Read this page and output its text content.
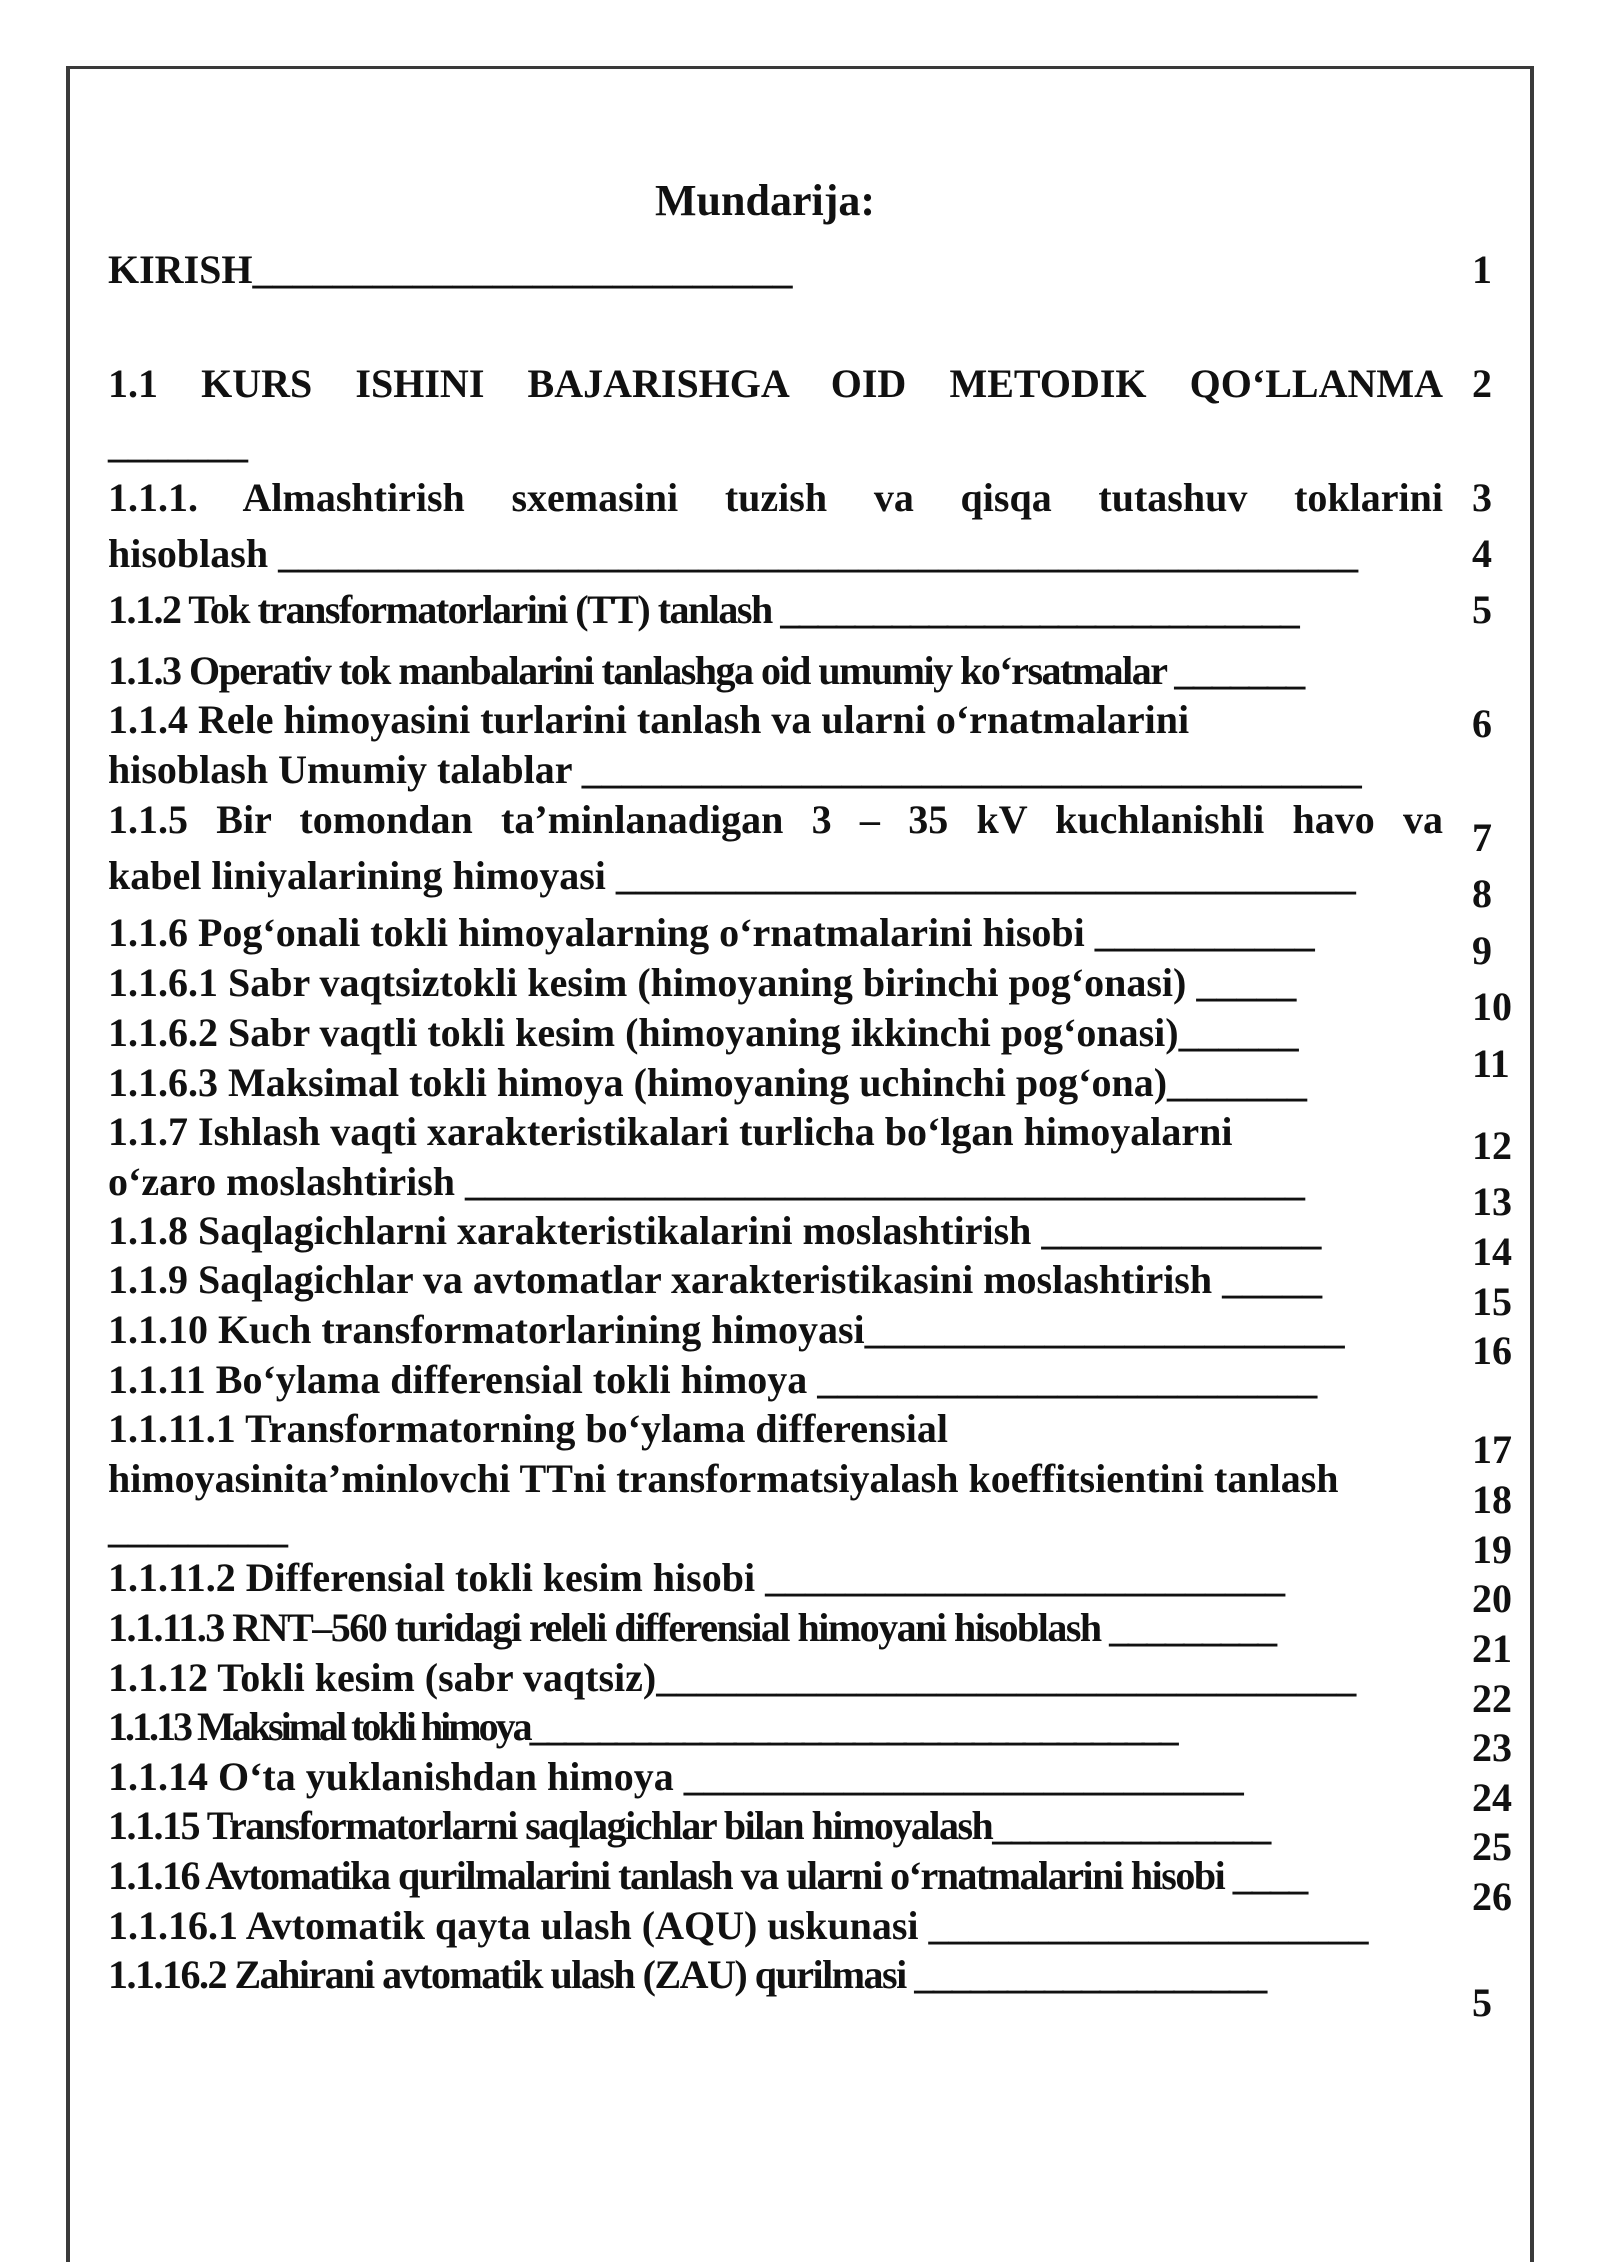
Mundarija:
KIRISH___________________________
1.1 KURS ISHINI BAJARISHGA OID METODIK QO‘LLANMA
_______
1.1.1. Almashtirish sxemasini tuzish va qisqa tutashuv toklarini
hisoblash ______________________________________________________
1.1.2 Tok transformatorlarini (TT) tanlash ____________________________
1.1.3 Operativ tok manbalarini tanlashga oid umumiy ko‘rsatmalar _______
1.1.4 Rele himoyasini turlarini tanlash va ularni o‘rnatmalarini
hisoblash Umumiy talablar _______________________________________
1.1.5 Bir tomondan ta’minlanadigan 3 – 35 kV kuchlanishli havo va
kabel liniyalarining himoyasi _____________________________________
1.1.6 Pog‘onali tokli himoyalarning o‘rnatmalarini hisobi ___________
1.1.6.1 Sabr vaqtsiztokli kesim (himoyaning birinchi pog‘onasi) _____
1.1.6.2 Sabr vaqtli tokli kesim (himoyaning ikkinchi pog‘onasi)______
1.1.6.3 Maksimal tokli himoya (himoyaning uchinchi pog‘ona)_______
1.1.7 Ishlash vaqti xarakteristikalari turlicha bo‘lgan himoyalarni
o‘zaro moslashtirish __________________________________________
1.1.8 Saqlagichlarni xarakteristikalarini moslashtirish ______________
1.1.9 Saqlagichlar va avtomatlar xarakteristikasini moslashtirish _____
1.1.10 Kuch transformatorlarining himoyasi________________________
1.1.11 Bo‘ylama differensial tokli himoya _________________________
1.1.11.1 Transformatorning bo‘ylama differensial
himoyasinita’minlovchi TTni transformatsiyalash koeffitsientini tanlash
_________
1.1.11.2 Differensial tokli kesim hisobi __________________________
1.1.11.3 RNT–560 turidagi releli differensial himoyani hisoblash _________
1.1.12 Tokli kesim (sabr vaqtsiz)___________________________________
1.1.13 Maksimal tokli himoya______________________________________
1.1.14 O‘ta yuklanishdan himoya ____________________________
1.1.15 Transformatorlarni saqlagichlar bilan himoyalash_______________
1.1.16 Avtomatika qurilmalarini tanlash va ularni o‘rnatmalarini hisobi ____
1.1.16.1 Avtomatik qayta ulash (AQU) uskunasi ______________________
1.1.16.2 Zahirani avtomatik ulash (ZAU) qurilmasi ___________________
1
2
3
4
5
6
7
8
9
10
11
12
13
14
15
16
17
18
19
20
21
22
23
24
25
26
5
